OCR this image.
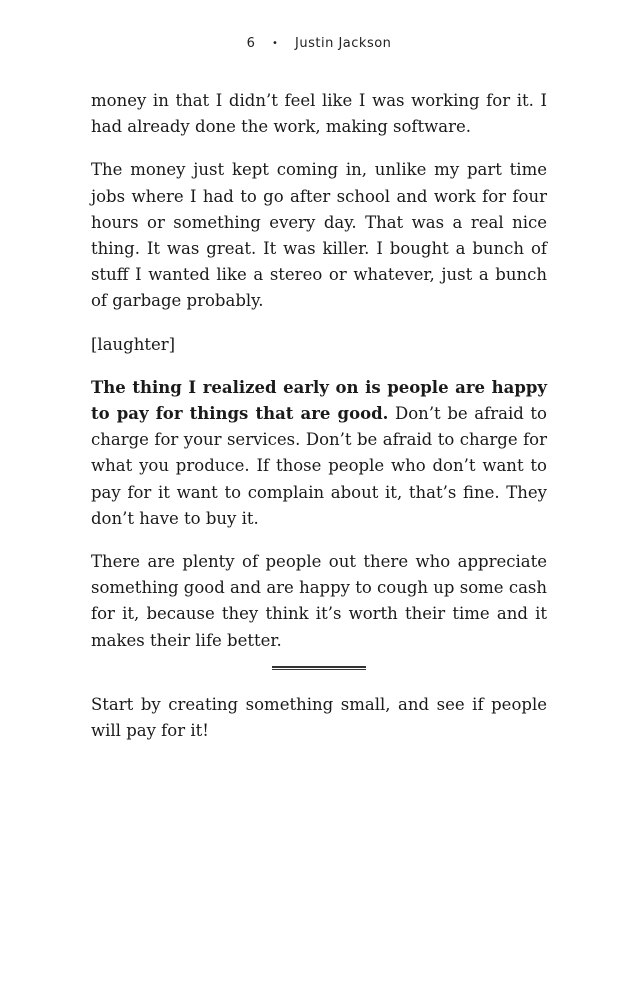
6 • Justin Jackson

money in that I didn’t feel like I was working for it. I had already done the work, making software.

The money just kept coming in, unlike my part time jobs where I had to go after school and work for four hours or something every day. That was a real nice thing. It was great. It was killer. I bought a bunch of stuff I wanted like a stereo or whatever, just a bunch of garbage probably.

[laughter]

The thing I realized early on is people are happy to pay for things that are good. Don’t be afraid to charge for your services. Don’t be afraid to charge for what you produce. If those people who don’t want to pay for it want to complain about it, that’s fine. They don’t have to buy it.

There are plenty of people out there who appreciate something good and are happy to cough up some cash for it, because they think it’s worth their time and it makes their life better.

Start by creating something small, and see if people will pay for it!
